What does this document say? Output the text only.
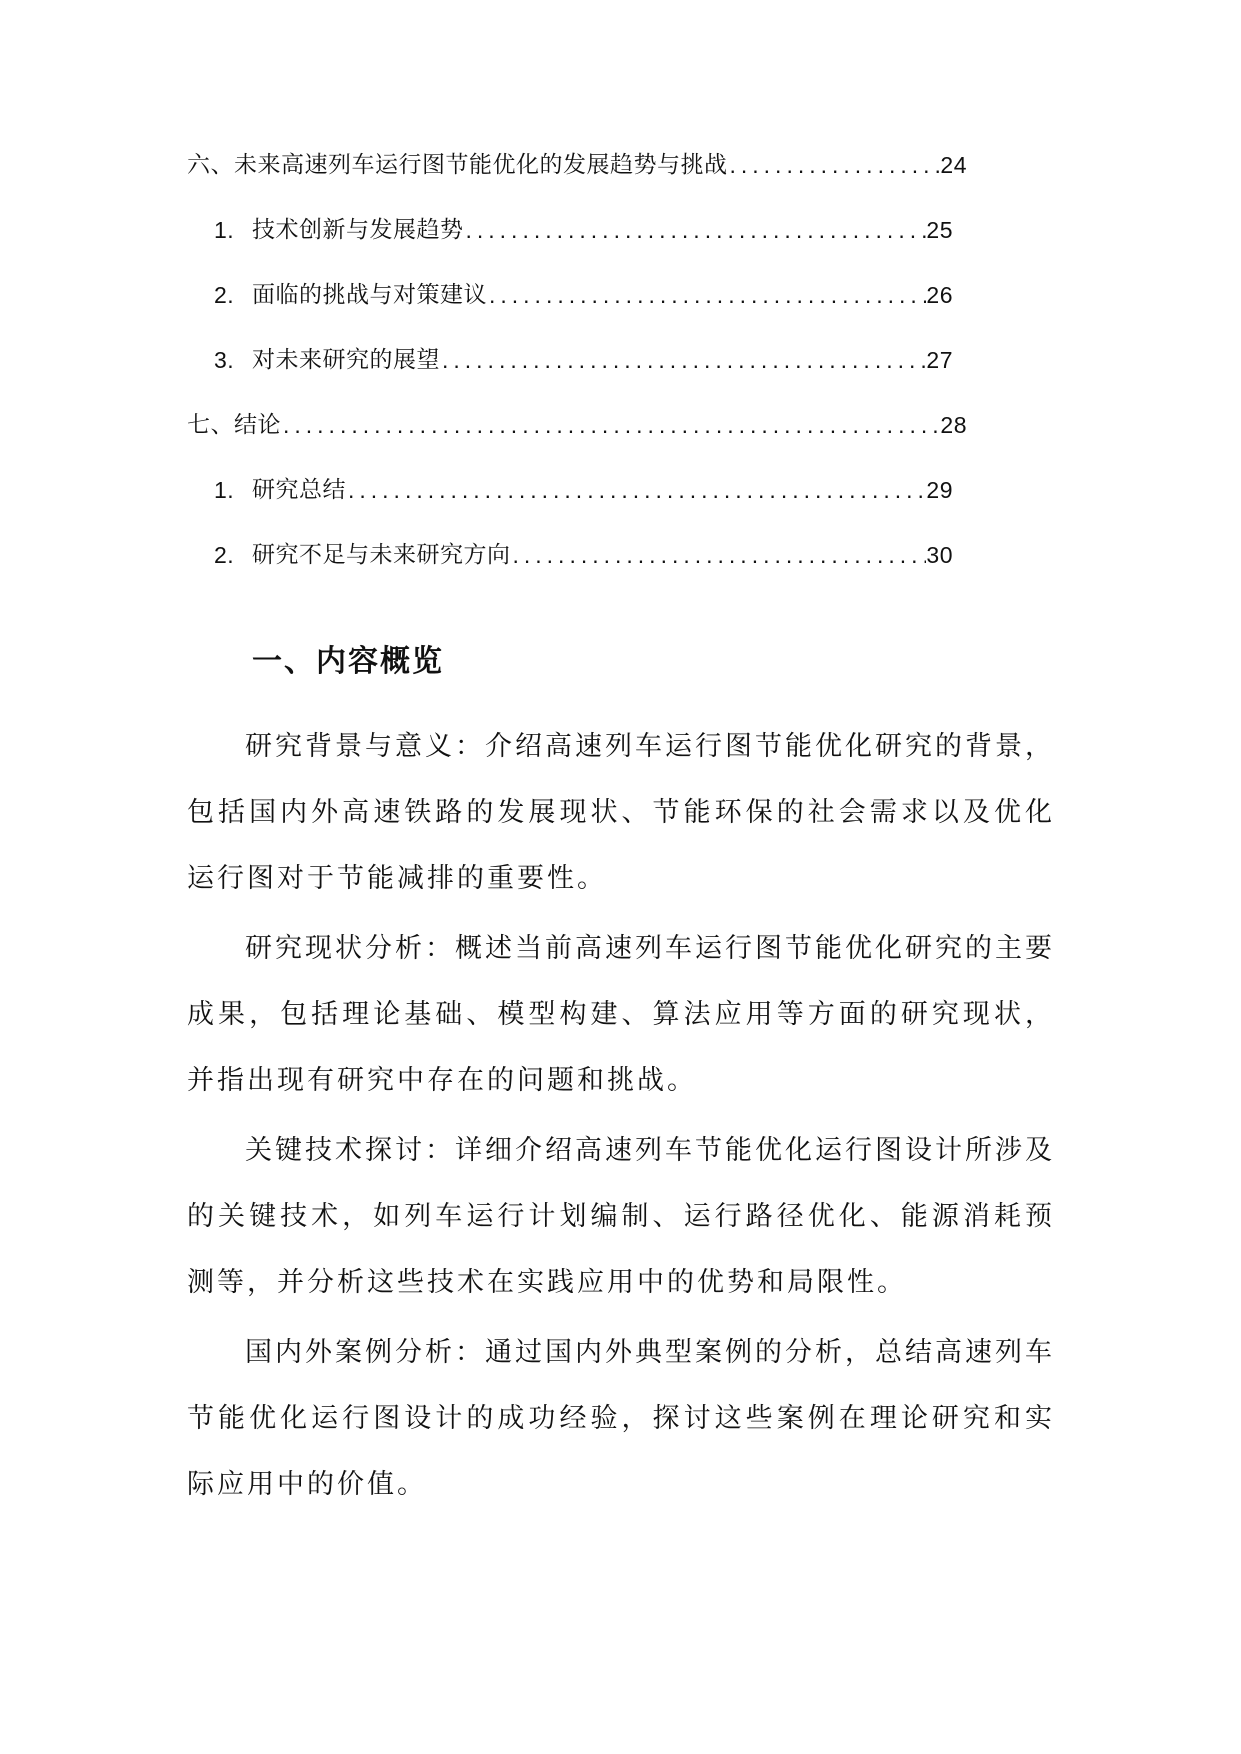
六、未来高速列车运行图节能优化的发展趋势与挑战 .....	24
1. 技术创新与发展趋势 .....	25
2. 面临的挑战与对策建议 .....	26
3. 对未来研究的展望 .....	27
七、结论 .....	28
1. 研究总结 .....	29
2. 研究不足与未来研究方向 .....	30
一、内容概览

研究背景与意义：介绍高速列车运行图节能优化研究的背景，包括国内外高速铁路的发展现状、节能环保的社会需求以及优化运行图对于节能减排的重要性。

研究现状分析：概述当前高速列车运行图节能优化研究的主要成果，包括理论基础、模型构建、算法应用等方面的研究现状，并指出现有研究中存在的问题和挑战。

关键技术探讨：详细介绍高速列车节能优化运行图设计所涉及的关键技术，如列车运行计划编制、运行路径优化、能源消耗预测等，并分析这些技术在实践应用中的优势和局限性。

国内外案例分析：通过国内外典型案例的分析，总结高速列车节能优化运行图设计的成功经验，探讨这些案例在理论研究和实际应用中的价值。
